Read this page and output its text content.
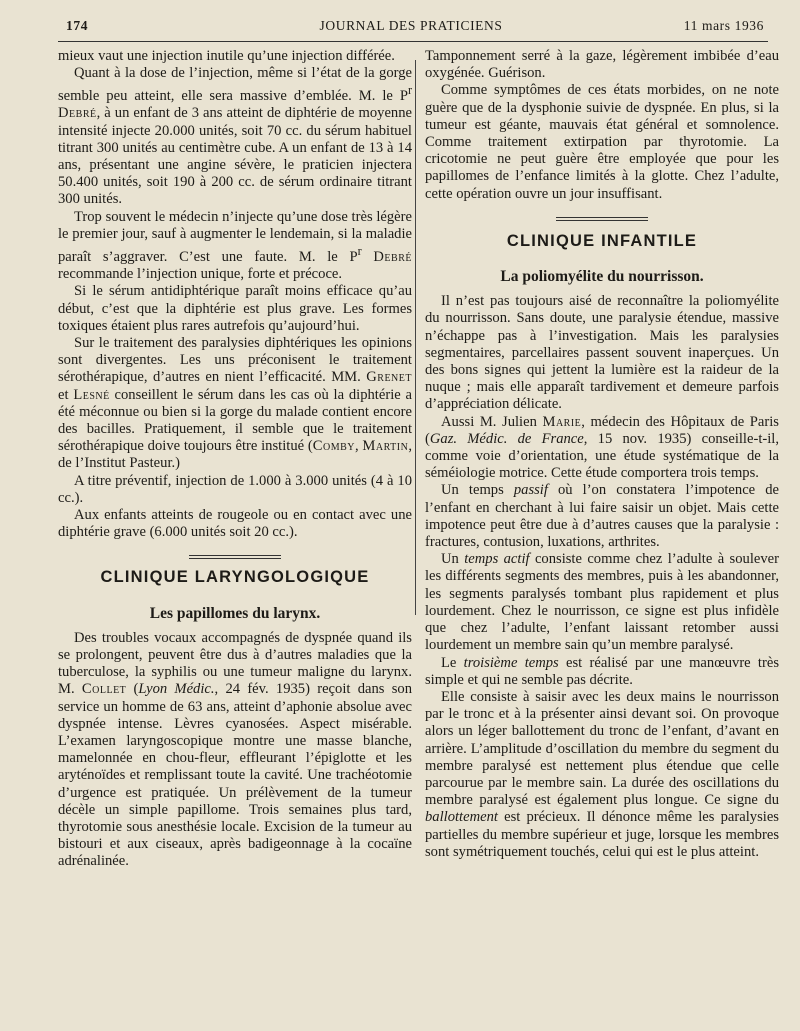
174	JOURNAL DES PRATICIENS	11 mars 1936

mieux vaut une injection inutile qu’une injection différée.

Quant à la dose de l’injection, même si l’état de la gorge semble peu atteint, elle sera massive d’emblée. M. le $P^r$ Debré, à un enfant de 3 ans atteint de diphtérie de moyenne intensité injecte 20.000 unités, soit 70 cc. du sérum habituel titrant 300 unités au centimètre cube. A un enfant de 13 à 14 ans, présentant une angine sévère, le praticien injectera 50.400 unités, soit 190 à 200 cc. de sérum ordinaire titrant 300 unités.

Trop souvent le médecin n’injecte qu’une dose très légère le premier jour, sauf à augmenter le lendemain, si la maladie paraît s’aggraver. C’est une faute. M. le $P^r$ Debré recommande l’injection unique, forte et précoce.

Si le sérum antidiphtérique paraît moins efficace qu’au début, c’est que la diphtérie est plus grave. Les formes toxiques étaient plus rares autrefois qu’aujourd’hui.

Sur le traitement des paralysies diphtériques les opinions sont divergentes. Les uns préconisent le traitement sérothérapique, d’autres en nient l’efficacité. MM. Grenet et Lesné conseillent le sérum dans les cas où la diphtérie a été méconnue ou bien si la gorge du malade contient encore des bacilles. Pratiquement, il semble que le traitement sérothérapique doive toujours être institué (Comby, Martin, de l’Institut Pasteur.)

A titre préventif, injection de 1.000 à 3.000 unités (4 à 10 cc.).

Aux enfants atteints de rougeole ou en contact avec une diphtérie grave (6.000 unités soit 20 cc.).

CLINIQUE LARYNGOLOGIQUE
Les papillomes du larynx.

Des troubles vocaux accompagnés de dyspnée quand ils se prolongent, peuvent être dus à d’autres maladies que la tuberculose, la syphilis ou une tumeur maligne du larynx. M. Collet (Lyon Médic., 24 fév. 1935) reçoit dans son service un homme de 63 ans, atteint d’aphonie absolue avec dyspnée intense. Lèvres cyanosées. Aspect misérable. L’examen laryngoscopique montre une masse blanche, mamelonnée en chou-fleur, effleurant l’épiglotte et les aryténoïdes et remplissant toute la cavité. Une trachéotomie d’urgence est pratiquée. Un prélèvement de la tumeur décèle un simple papillome. Trois semaines plus tard, thyrotomie sous anesthésie locale. Excision de la tumeur au bistouri et aux ciseaux, après badigeonnage à la cocaïne adrénalinée.

Tamponnement serré à la gaze, légèrement imbibée d’eau oxygénée. Guérison.

Comme symptômes de ces états morbides, on ne note guère que de la dysphonie suivie de dyspnée. En plus, si la tumeur est géante, mauvais état général et somnolence. Comme traitement extirpation par thyrotomie. La cricotomie ne peut guère être employée que pour les papillomes de l’enfance limités à la glotte. Chez l’adulte, cette opération ouvre un jour insuffisant.

CLINIQUE INFANTILE
La poliomyélite du nourrisson.

Il n’est pas toujours aisé de reconnaître la poliomyélite du nourrisson. Sans doute, une paralysie étendue, massive n’échappe pas à l’investigation. Mais les paralysies segmentaires, parcellaires passent souvent inaperçues. Un des bons signes qui jettent la lumière est la raideur de la nuque ; mais elle apparaît tardivement et demeure parfois d’appréciation délicate.

Aussi M. Julien Marie, médecin des Hôpitaux de Paris (Gaz. Médic. de France, 15 nov. 1935) conseille-t-il, comme voie d’orientation, une étude systématique de la séméiologie motrice. Cette étude comportera trois temps.

Un temps passif où l’on constatera l’impotence de l’enfant en cherchant à lui faire saisir un objet. Mais cette impotence peut être due à d’autres causes que la paralysie : fractures, contusion, luxations, arthrites.

Un temps actif consiste comme chez l’adulte à soulever les différents segments des membres, puis à les abandonner, les segments paralysés tombant plus rapidement et plus lourdement. Chez le nourrisson, ce signe est plus infidèle que chez l’adulte, l’enfant laissant retomber aussi lourdement un membre sain qu’un membre paralysé.

Le troisième temps est réalisé par une manœuvre très simple et qui ne semble pas décrite.

Elle consiste à saisir avec les deux mains le nourrisson par le tronc et à la présenter ainsi devant soi. On provoque alors un léger ballottement du tronc de l’enfant, d’avant en arrière. L’amplitude d’oscillation du membre du segment du membre paralysé est nettement plus étendue que celle parcourue par le membre sain. La durée des oscillations du membre paralysé est également plus longue. Ce signe du ballottement est précieux. Il dénonce même les paralysies partielles du membre supérieur et juge, lorsque les membres sont symétriquement touchés, celui qui est le plus atteint.
